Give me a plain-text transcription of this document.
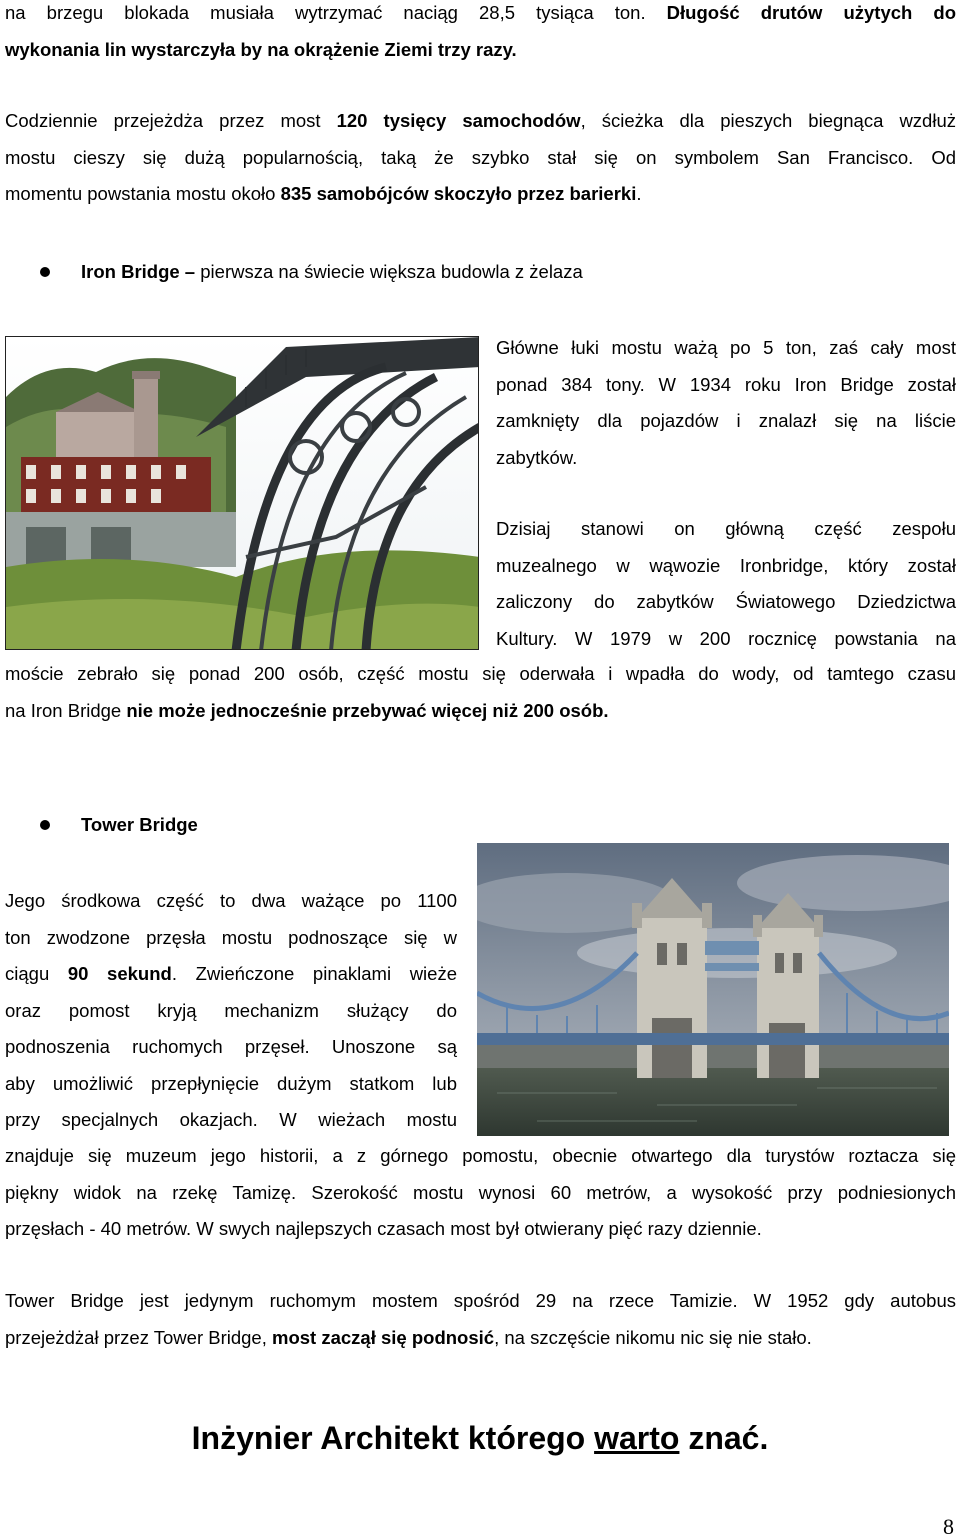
na brzegu blokada musiała wytrzymać naciąg 28,5 tysiąca ton. Długość drutów użytych do
wykonania lin wystarczyła by na okrążenie Ziemi trzy razy.
Codziennie przejeżdża przez most 120 tysięcy samochodów, ścieżka dla pieszych biegnąca wzdłuż
mostu cieszy się dużą popularnością, taką że szybko stał się on symbolem San Francisco. Od
momentu powstania mostu około 835 samobójców skoczyło przez barierki.
Iron Bridge – pierwsza na świecie większa budowla z żelaza
Główne łuki mostu ważą po 5 ton, zaś cały most
ponad 384 tony. W 1934 roku Iron Bridge został
zamknięty dla pojazdów i znalazł się na liście
zabytków.
Dzisiaj stanowi on główną część zespołu
muzealnego w wąwozie Ironbridge, który został
zaliczony do zabytków Światowego Dziedzictwa
Kultury. W 1979 w 200 rocznicę powstania na
moście zebrało się ponad 200 osób, część mostu się oderwała i wpadła do wody, od tamtego czasu
na Iron Bridge nie może jednocześnie przebywać więcej niż 200 osób.
Tower Bridge
Jego środkowa część to dwa ważące po 1100
ton zwodzone przęsła mostu podnoszące się w
ciągu 90 sekund. Zwieńczone pinaklami wieże
oraz pomost kryją mechanizm służący do
podnoszenia ruchomych przęseł. Unoszone są
aby umożliwić przepłynięcie dużym statkom lub
przy specjalnych okazjach. W wieżach mostu
znajduje się muzeum jego historii, a z górnego pomostu, obecnie otwartego dla turystów roztacza się
piękny widok na rzekę Tamizę. Szerokość mostu wynosi 60 metrów, a wysokość przy podniesionych
przęsłach - 40 metrów. W swych najlepszych czasach most był otwierany pięć razy dziennie.
Tower Bridge jest jedynym ruchomym mostem spośród 29 na rzece Tamizie. W 1952 gdy autobus
przejeżdżał przez Tower Bridge, most zaczął się podnosić, na szczęście nikomu nic się nie stało.
Inżynier Architekt którego warto znać.
8
